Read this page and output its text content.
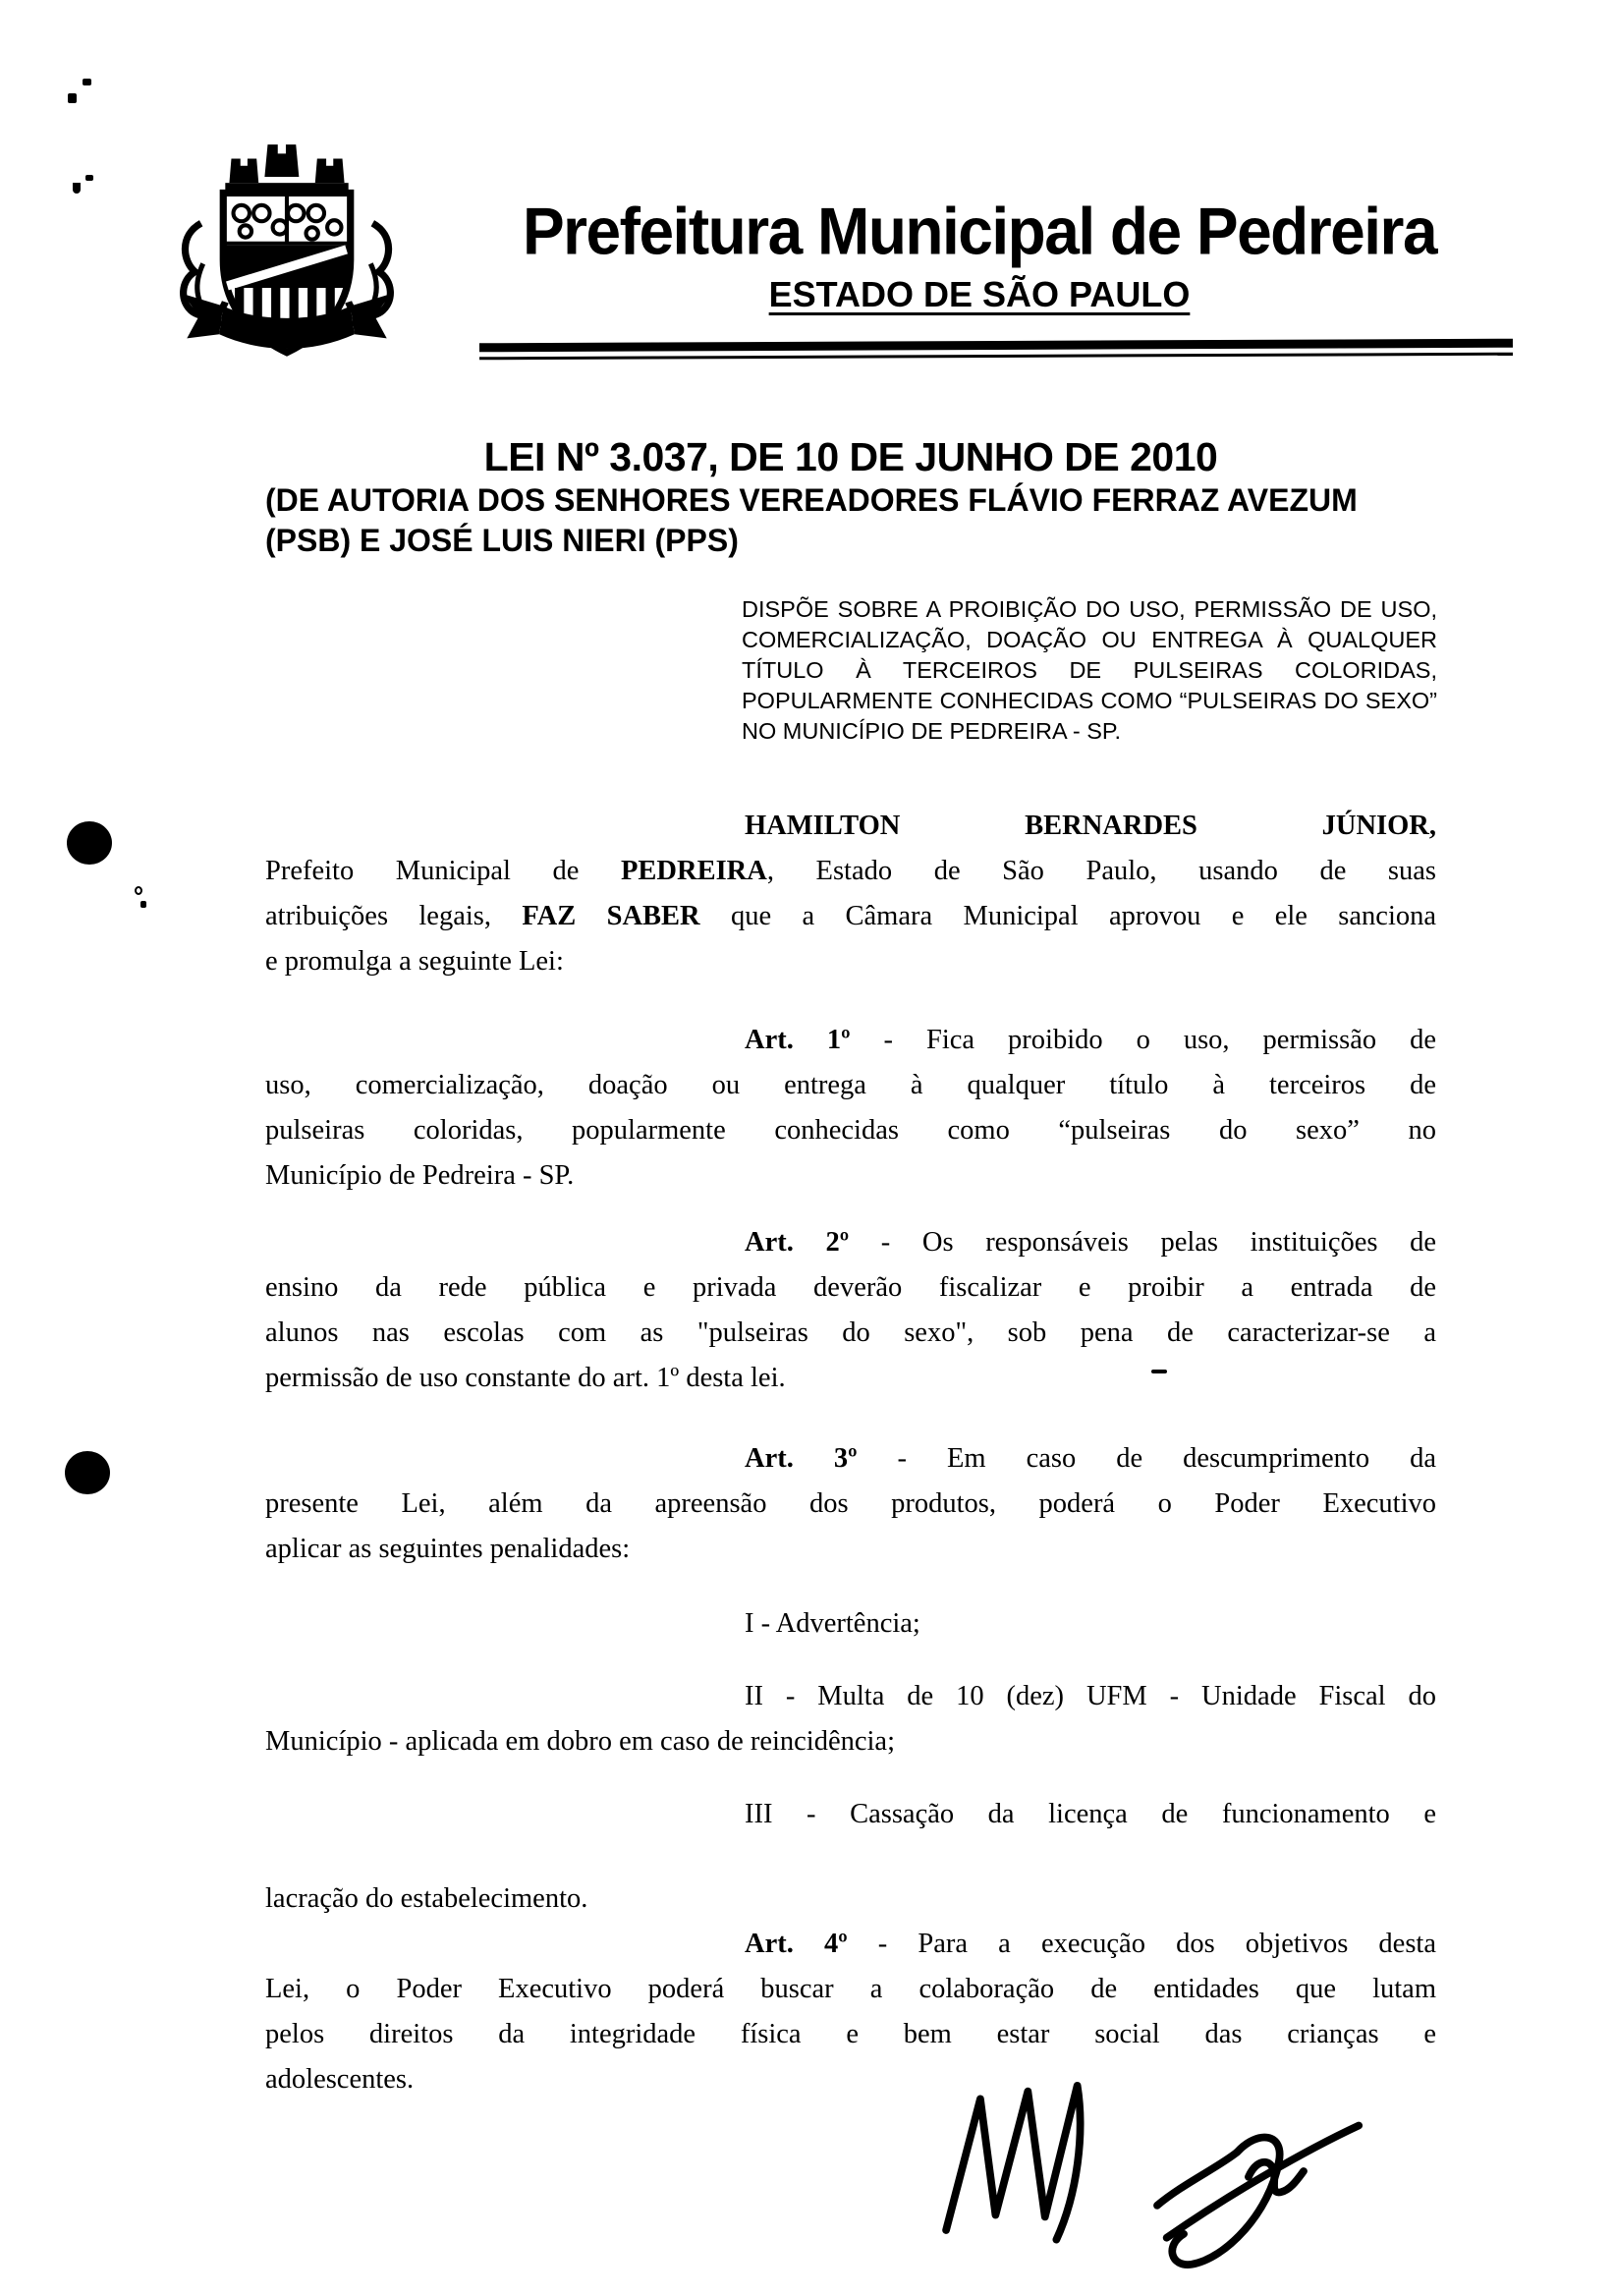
Prefeitura Municipal de Pedreira
ESTADO DE SÃO PAULO
LEI Nº 3.037, DE 10 DE JUNHO DE 2010
(DE AUTORIA DOS SENHORES VEREADORES FLÁVIO FERRAZ AVEZUM
(PSB) E JOSÉ LUIS NIERI (PPS)
DISPÕE SOBRE A PROIBIÇÃO DO USO, PERMISSÃO DE USO,
COMERCIALIZAÇÃO, DOAÇÃO OU ENTREGA À QUALQUER
TÍTULO À TERCEIROS DE PULSEIRAS COLORIDAS,
POPULARMENTE CONHECIDAS COMO “PULSEIRAS DO SEXO”
NO MUNICÍPIO DE PEDREIRA - SP.
HAMILTON BERNARDES JÚNIOR,
Prefeito Municipal de PEDREIRA, Estado de São Paulo, usando de suas
atribuições legais, FAZ SABER que a Câmara Municipal aprovou e ele sanciona
e promulga a seguinte Lei:
Art. 1º - Fica proibido o uso, permissão de
uso, comercialização, doação ou entrega à qualquer título à terceiros de
pulseiras coloridas, popularmente conhecidas como “pulseiras do sexo” no
Município de Pedreira - SP.
Art. 2º - Os responsáveis pelas instituições de
ensino da rede pública e privada deverão fiscalizar e proibir a entrada de
alunos nas escolas com as "pulseiras do sexo", sob pena de caracterizar-se a
permissão de uso constante do art. 1º desta lei.
Art. 3º - Em caso de descumprimento da
presente Lei, além da apreensão dos produtos, poderá o Poder Executivo
aplicar as seguintes penalidades:
I - Advertência;
II - Multa de 10 (dez) UFM - Unidade Fiscal do
Município - aplicada em dobro em caso de reincidência;
III - Cassação da licença de funcionamento e
lacração do estabelecimento.
Art. 4º - Para a execução dos objetivos desta
Lei, o Poder Executivo poderá buscar a colaboração de entidades que lutam
pelos direitos da integridade física e bem estar social das crianças e
adolescentes.
